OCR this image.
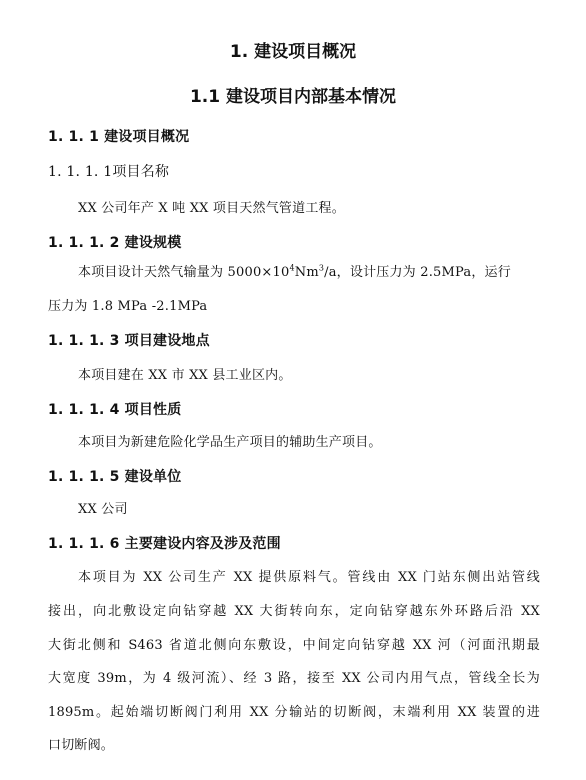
1. 建设项目概况
1.1 建设项目内部基本情况
1. 1. 1 建设项目概况
1. 1. 1. 1项目名称
XX 公司年产 X 吨 XX 项目天然气管道工程。
1. 1. 1. 2 建设规模
本项目设计天然气输量为 $5000\times 10^4Nm^3/a$，设计压力为 2.5MPa，运行
压力为 1.8 MPa -2.1MPa
1. 1. 1. 3 项目建设地点
本项目建在 XX 市 XX 县工业区内。
1. 1. 1. 4 项目性质
本项目为新建危险化学品生产项目的辅助生产项目。
1. 1. 1. 5 建设单位
XX 公司
1. 1. 1. 6 主要建设内容及涉及范围
本项目为 XX 公司生产 XX 提供原料气。管线由 XX 门站东侧出站管线
接出，向北敷设定向钻穿越 XX 大街转向东，定向钻穿越东外环路后沿 XX
大街北侧和 S463 省道北侧向东敷设，中间定向钻穿越 XX 河（河面汛期最
大宽度 39m，为 4 级河流）、经 3 路，接至 XX 公司内用气点，管线全长为
1895m。起始端切断阀门利用 XX 分输站的切断阀，末端利用 XX 装置的进
口切断阀。
